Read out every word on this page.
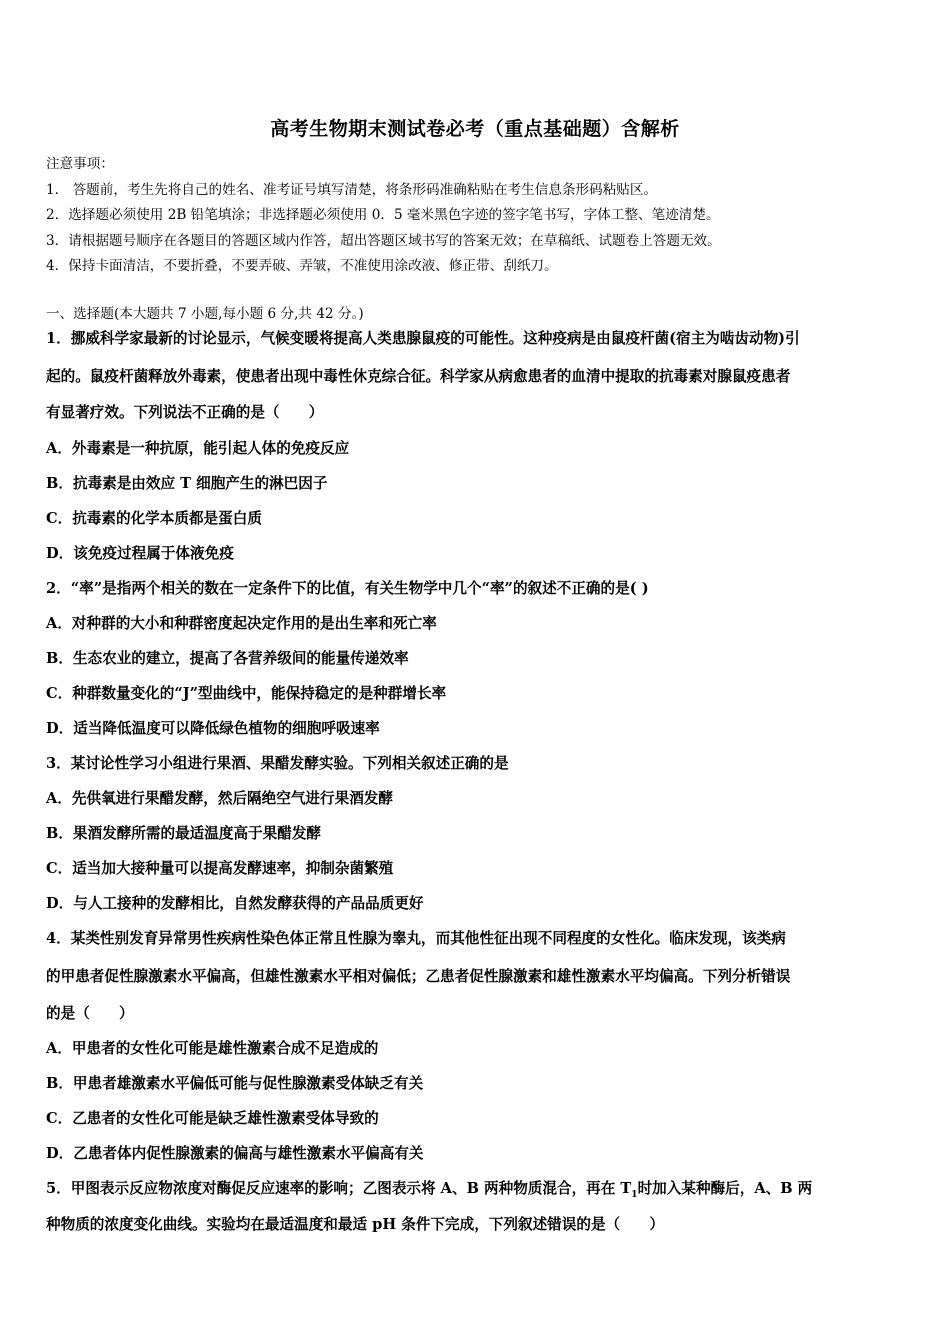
高考生物期末测试卷必考（重点基础题）含解析
注意事项：
1． 答题前，考生先将自己的姓名、准考证号填写清楚，将条形码准确粘贴在考生信息条形码粘贴区。
2．选择题必须使用 2B 铅笔填涂；非选择题必须使用 0．5 毫米黑色字迹的签字笔书写，字体工整、笔迹清楚。
3．请根据题号顺序在各题目的答题区域内作答，超出答题区域书写的答案无效；在草稿纸、试题卷上答题无效。
4．保持卡面清洁，不要折叠，不要弄破、弄皱，不准使用涂改液、修正带、刮纸刀。
一、选择题(本大题共 7 小题,每小题 6 分,共 42 分。)
1．挪威科学家最新的讨论显示，气候变暖将提高人类患腺鼠疫的可能性。这种疫病是由鼠疫杆菌(宿主为啮齿动物)引
起的。鼠疫杆菌释放外毒素，使患者出现中毒性休克综合征。科学家从病愈患者的血清中提取的抗毒素对腺鼠疫患者
有显著疗效。下列说法不正确的是（　　）
A．外毒素是一种抗原，能引起人体的免疫反应
B．抗毒素是由效应 T 细胞产生的淋巴因子
C．抗毒素的化学本质都是蛋白质
D．该免疫过程属于体液免疫
2．“率”是指两个相关的数在一定条件下的比值，有关生物学中几个“率”的叙述不正确的是( )
A．对种群的大小和种群密度起决定作用的是出生率和死亡率
B．生态农业的建立，提高了各营养级间的能量传递效率
C．种群数量变化的“J”型曲线中，能保持稳定的是种群增长率
D．适当降低温度可以降低绿色植物的细胞呼吸速率
3．某讨论性学习小组进行果酒、果醋发酵实验。下列相关叙述正确的是
A．先供氧进行果醋发酵，然后隔绝空气进行果酒发酵
B．果酒发酵所需的最适温度高于果醋发酵
C．适当加大接种量可以提高发酵速率，抑制杂菌繁殖
D．与人工接种的发酵相比，自然发酵获得的产品品质更好
4．某类性别发育异常男性疾病性染色体正常且性腺为睾丸，而其他性征出现不同程度的女性化。临床发现，该类病
的甲患者促性腺激素水平偏高，但雄性激素水平相对偏低；乙患者促性腺激素和雄性激素水平均偏高。下列分析错误
的是（　　）
A．甲患者的女性化可能是雄性激素合成不足造成的
B．甲患者雄激素水平偏低可能与促性腺激素受体缺乏有关
C．乙患者的女性化可能是缺乏雄性激素受体导致的
D．乙患者体内促性腺激素的偏高与雄性激素水平偏高有关
5．甲图表示反应物浓度对酶促反应速率的影响；乙图表示将 A、B 两种物质混合，再在 $T_1$时加入某种酶后，A、B 两
种物质的浓度变化曲线。实验均在最适温度和最适 pH 条件下完成，下列叙述错误的是（　　）
